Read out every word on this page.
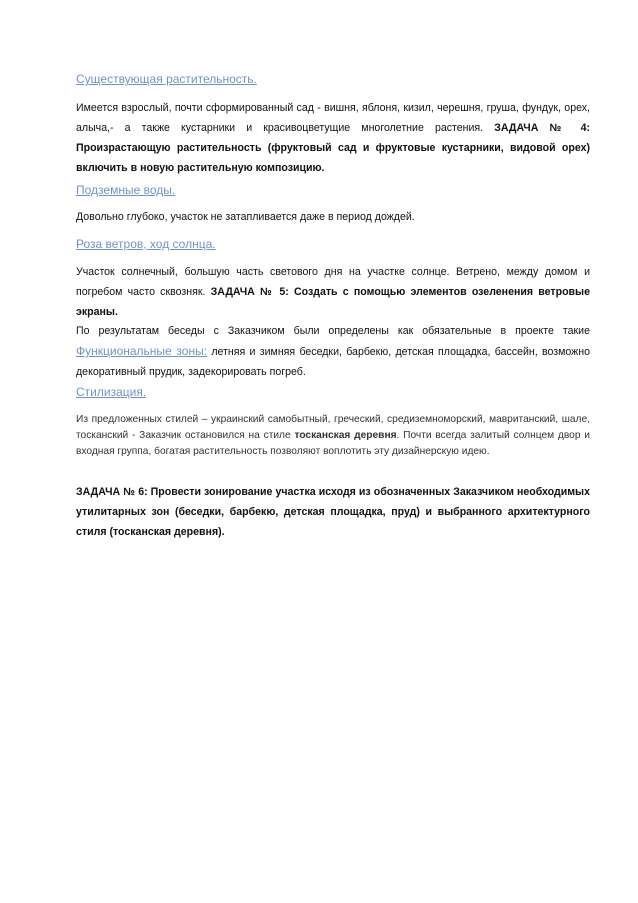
Существующая растительность.

Имеется взрослый, почти сформированный сад - вишня, яблоня, кизил, черешня, груша, фундук, орех, алыча,- а также кустарники и красивоцветущие многолетние растения. ЗАДАЧА № 4: Произрастающую растительность (фруктовый сад и фруктовые кустарники, видовой орех) включить в новую растительную композицию.

Подземные воды.

Довольно глубоко, участок не затапливается даже в период дождей.

Роза ветров, ход солнца.

Участок солнечный, большую часть светового дня на участке солнце. Ветрено, между домом и погребом часто сквозняк. ЗАДАЧА № 5: Создать с помощью элементов озеленения ветровые экраны.

По результатам беседы с Заказчиком были определены как обязательные в проекте такие Функциональные зоны: летняя и зимняя беседки, барбекю, детская площадка, бассейн, возможно декоративный прудик, задекорировать погреб.

Стилизация.

Из предложенных стилей – украинский самобытный, греческий, средиземноморский, мавританский, шале, тосканский - Заказчик остановился на стиле тосканская деревня. Почти всегда залитый солнцем двор и входная группа, богатая растительность позволяют воплотить эту дизайнерскую идею.

ЗАДАЧА № 6: Провести зонирование участка исходя из обозначенных Заказчиком необходимых утилитарных зон (беседки, барбекю, детская площадка, пруд) и выбранного архитектурного стиля (тосканская деревня).
